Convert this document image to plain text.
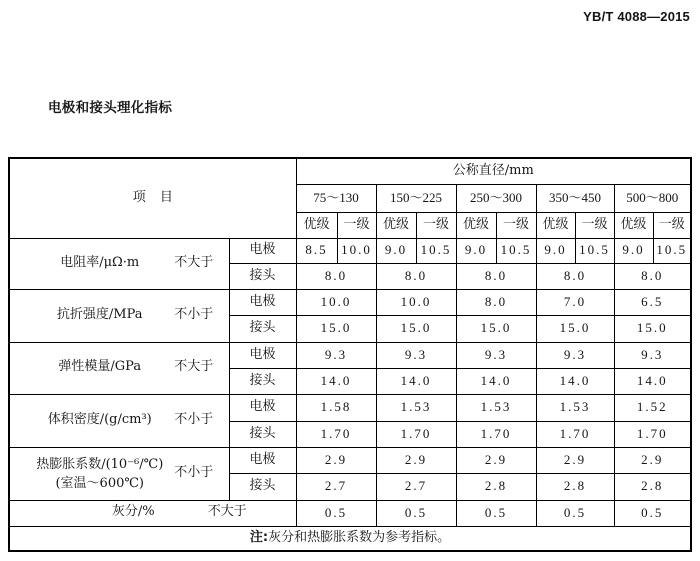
YB/T 4088—2015
电极和接头理化指标
项 目		公称直径/mm									
		75～130		150～225		250～300		350～450		500～800	
		优级	一级	优级	一级	优级	一级	优级	一级	优级	一级
电阻率/μΩ·m 不大于	电极	8.5	10.0	9.0	10.5	9.0	10.5	9.0	10.5	9.0	10.5
	接头	8.0		8.0		8.0		8.0		8.0	
抗折强度/MPa 不小于	电极	10.0		10.0		8.0		7.0		6.5	
	接头	15.0		15.0		15.0		15.0		15.0	
弹性模量/GPa 不大于	电极	9.3		9.3		9.3		9.3		9.3	
	接头	14.0		14.0		14.0		14.0		14.0	
体积密度/(g/cm³) 不小于	电极	1.58		1.53		1.53		1.53		1.52	
	接头	1.70		1.70		1.70		1.70		1.70	

热膨胀系数/(10⁻⁶/℃)
(室温～600℃)
不小于	电极	2.9		2.9		2.9		2.9		2.9	
	接头	2.7		2.7		2.8		2.8		2.8	
灰分/% 不大于		0.5		0.5		0.5		0.5		0.5	
注:灰分和热膨胀系数为参考指标。											
